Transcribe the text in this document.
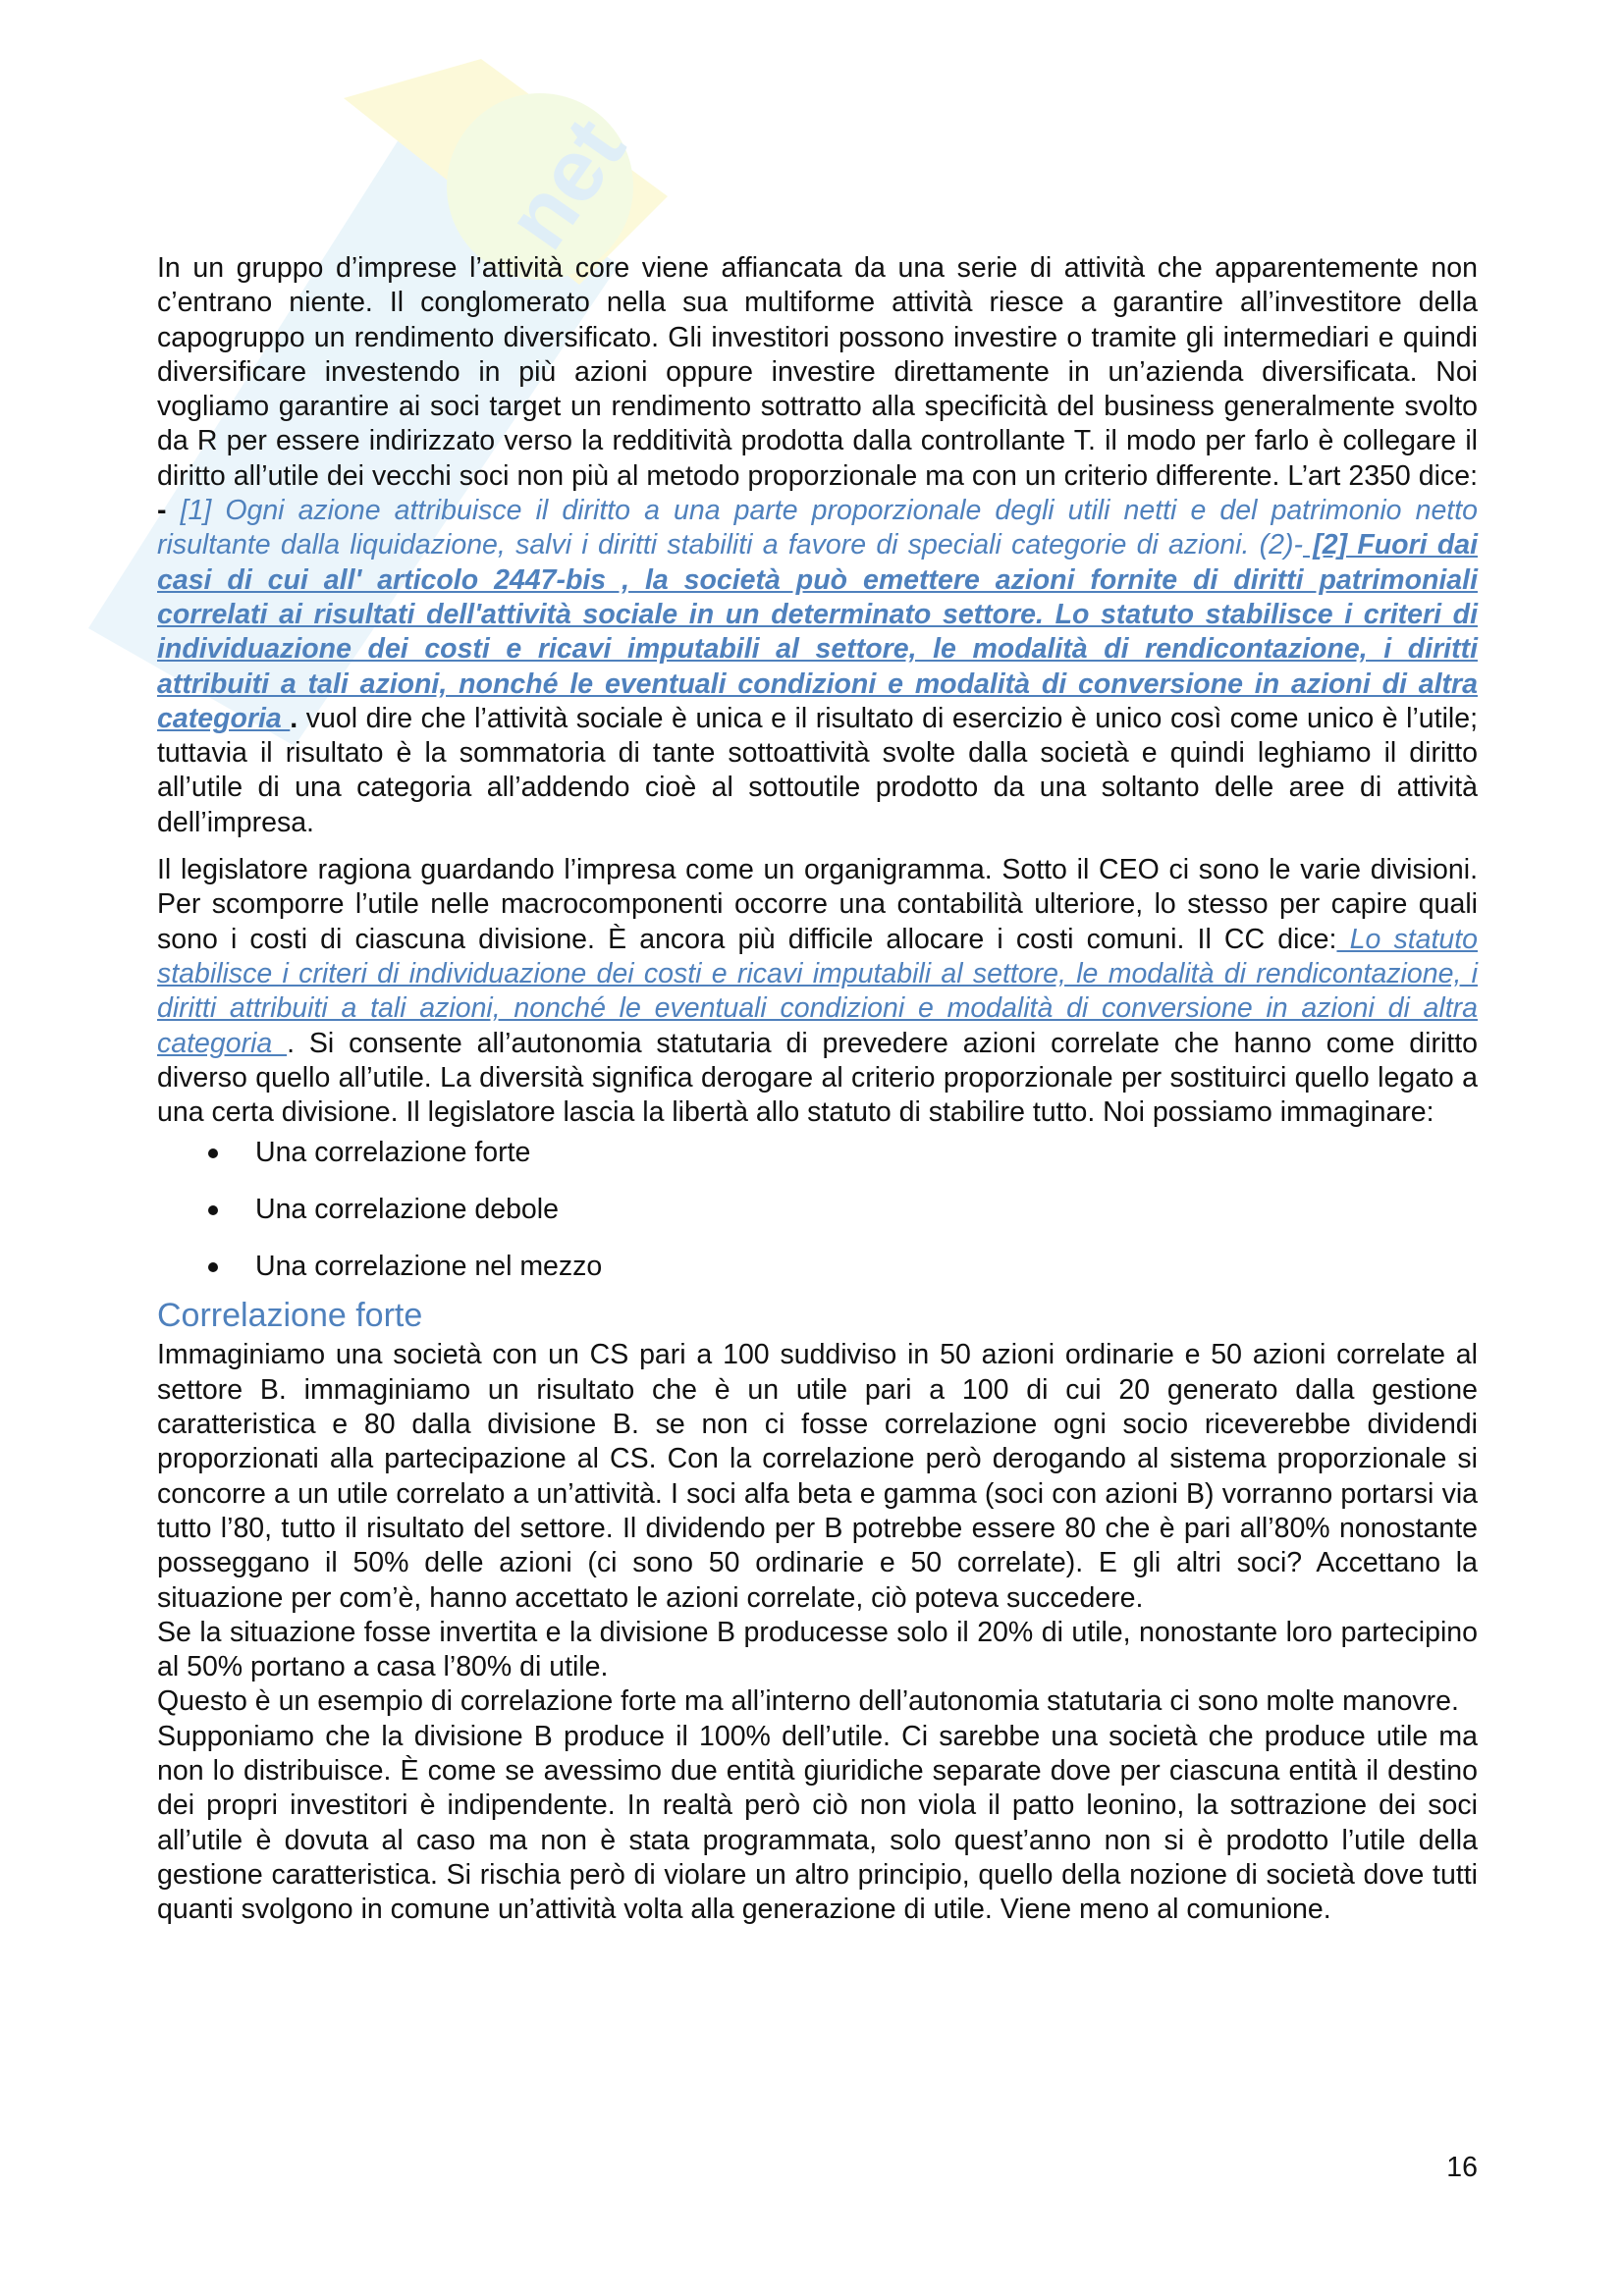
net

In un gruppo d’imprese l’attività core viene affiancata da una serie di attività che apparentemente non c’entrano niente. Il conglomerato nella sua multiforme attività riesce a garantire all’investitore della capogruppo un rendimento diversificato. Gli investitori possono investire o tramite gli intermediari e quindi diversificare investendo in più azioni oppure investire direttamente in un’azienda diversificata. Noi vogliamo garantire ai soci target un rendimento sottratto alla specificità del business generalmente svolto da R per essere indirizzato verso la redditività prodotta dalla controllante T. il modo per farlo è collegare il diritto all’utile dei vecchi soci non più al metodo proporzionale ma con un criterio differente. L’art 2350 dice: - [1] Ogni azione attribuisce il diritto a una parte proporzionale degli utili netti e del patrimonio netto risultante dalla liquidazione, salvi i diritti stabiliti a favore di speciali categorie di azioni. (2)- [2] Fuori dai casi di cui all' articolo 2447-bis , la società può emettere azioni fornite di diritti patrimoniali correlati ai risultati dell'attività sociale in un determinato settore. Lo statuto stabilisce i criteri di individuazione dei costi e ricavi imputabili al settore, le modalità di rendicontazione, i diritti attribuiti a tali azioni, nonché le eventuali condizioni e modalità di conversione in azioni di altra categoria . vuol dire che l’attività sociale è unica e il risultato di esercizio è unico così come unico è l’utile; tuttavia il risultato è la sommatoria di tante sottoattività svolte dalla società e quindi leghiamo il diritto all’utile di una categoria all’addendo cioè al sottoutile prodotto da una soltanto delle aree di attività dell’impresa.

Il legislatore ragiona guardando l’impresa come un organigramma. Sotto il CEO ci sono le varie divisioni. Per scomporre l’utile nelle macrocomponenti occorre una contabilità ulteriore, lo stesso per capire quali sono i costi di ciascuna divisione. È ancora più difficile allocare i costi comuni. Il CC dice: Lo statuto stabilisce i criteri di individuazione dei costi e ricavi imputabili al settore, le modalità di rendicontazione, i diritti attribuiti a tali azioni, nonché le eventuali condizioni e modalità di conversione in azioni di altra categoria . Si consente all’autonomia statutaria di prevedere azioni correlate che hanno come diritto diverso quello all’utile. La diversità significa derogare al criterio proporzionale per sostituirci quello legato a una certa divisione. Il legislatore lascia la libertà allo statuto di stabilire tutto. Noi possiamo immaginare:

Una correlazione forte
Una correlazione debole
Una correlazione nel mezzo
Correlazione forte

Immaginiamo una società con un CS pari a 100 suddiviso in 50 azioni ordinarie e 50 azioni correlate al settore B. immaginiamo un risultato che è un utile pari a 100 di cui 20 generato dalla gestione caratteristica e 80 dalla divisione B. se non ci fosse correlazione ogni socio riceverebbe dividendi proporzionati alla partecipazione al CS. Con la correlazione però derogando al sistema proporzionale si concorre a un utile correlato a un’attività. I soci alfa beta e gamma (soci con azioni B) vorranno portarsi via tutto l’80, tutto il risultato del settore. Il dividendo per B potrebbe essere 80 che è pari all’80% nonostante posseggano il 50% delle azioni (ci sono 50 ordinarie e 50 correlate). E gli altri soci? Accettano la situazione per com’è, hanno accettato le azioni correlate, ciò poteva succedere.

Se la situazione fosse invertita e la divisione B producesse solo il 20% di utile, nonostante loro partecipino al 50% portano a casa l’80% di utile.

Questo è un esempio di correlazione forte ma all’interno dell’autonomia statutaria ci sono molte manovre.

Supponiamo che la divisione B produce il 100% dell’utile. Ci sarebbe una società che produce utile ma non lo distribuisce. È come se avessimo due entità giuridiche separate dove per ciascuna entità il destino dei propri investitori è indipendente. In realtà però ciò non viola il patto leonino, la sottrazione dei soci all’utile è dovuta al caso ma non è stata programmata, solo quest’anno non si è prodotto l’utile della gestione caratteristica. Si rischia però di violare un altro principio, quello della nozione di società dove tutti quanti svolgono in comune un’attività volta alla generazione di utile. Viene meno al comunione.

16
